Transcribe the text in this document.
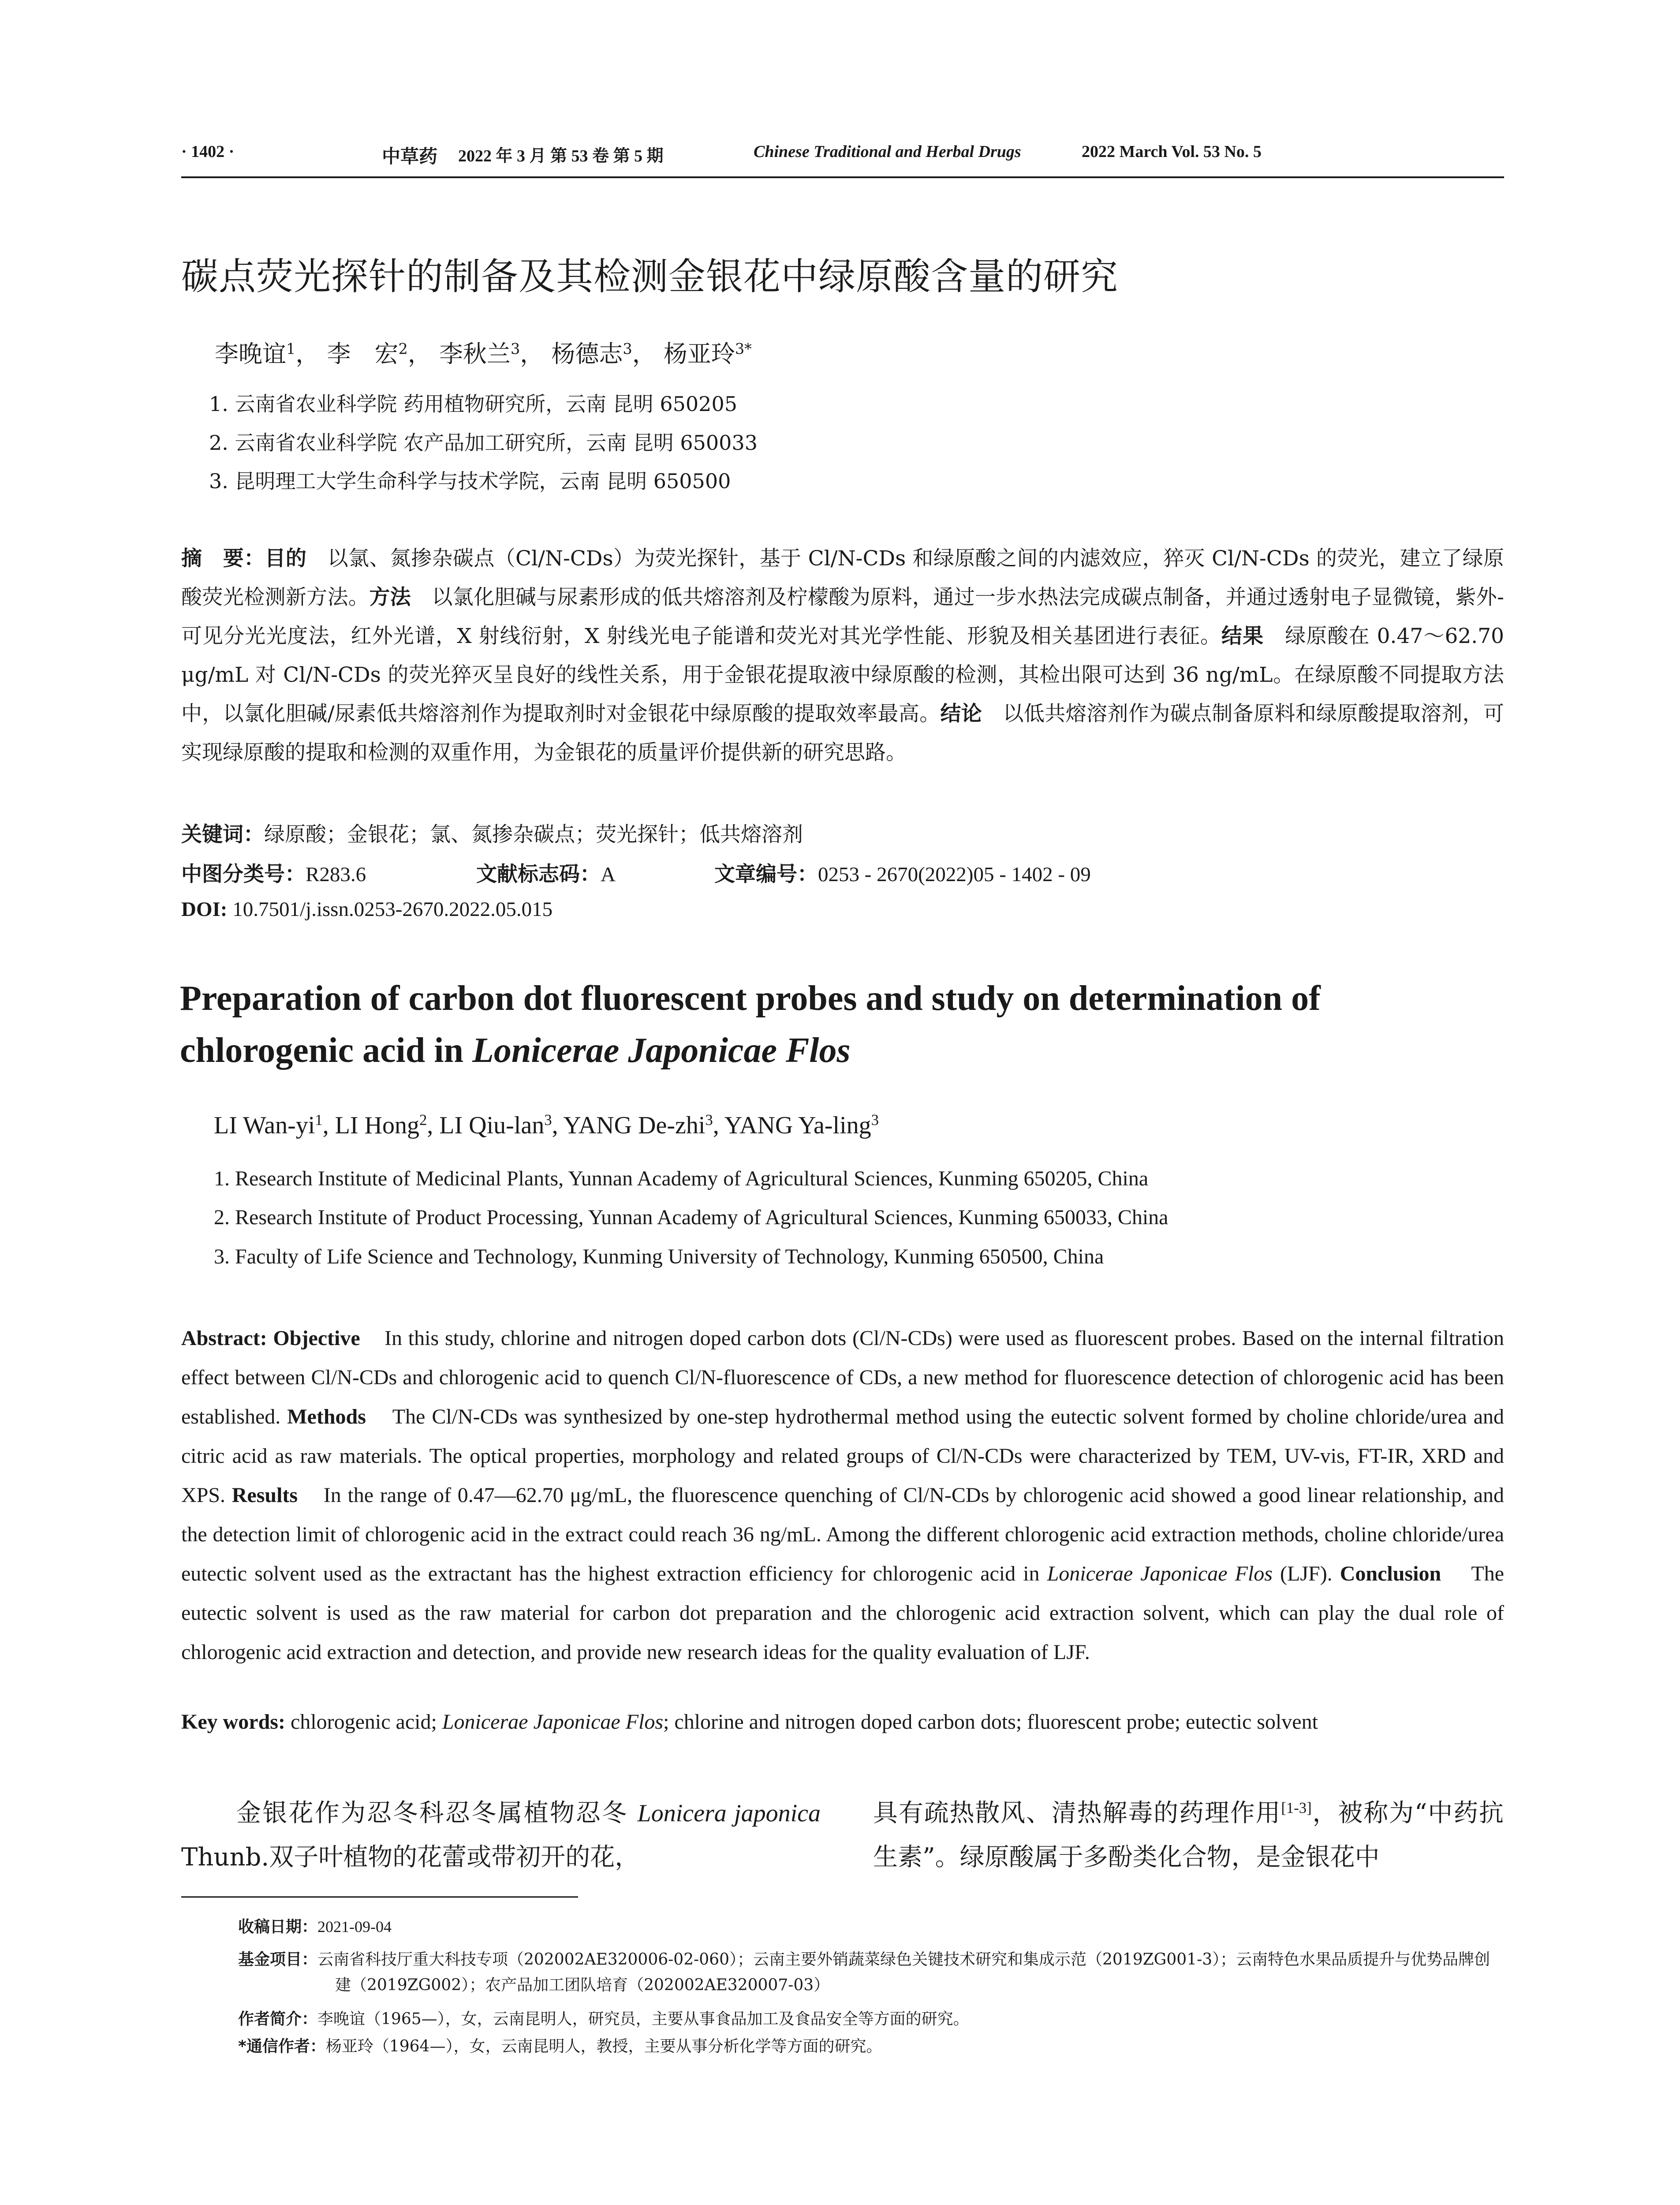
· 1402 ·	中草药 2022 年 3 月 第 53 卷 第 5 期	Chinese Traditional and Herbal Drugs	2022 March Vol. 53 No. 5
碳点荧光探针的制备及其检测金银花中绿原酸含量的研究
李晚谊$^1$， 李　宏$^2$， 李秋兰$^3$， 杨德志$^3$， 杨亚玲$^{3*}$
1. 云南省农业科学院 药用植物研究所，云南 昆明 650205
2. 云南省农业科学院 农产品加工研究所，云南 昆明 650033
3. 昆明理工大学生命科学与技术学院，云南 昆明 650500
摘　要：目的　以氯、氮掺杂碳点（Cl/N-CDs）为荧光探针，基于 Cl/N-CDs 和绿原酸之间的内滤效应，猝灭 Cl/N-CDs 的荧光，建立了绿原酸荧光检测新方法。方法　以氯化胆碱与尿素形成的低共熔溶剂及柠檬酸为原料，通过一步水热法完成碳点制备，并通过透射电子显微镜，紫外-可见分光光度法，红外光谱，X 射线衍射，X 射线光电子能谱和荧光对其光学性能、形貌及相关基团进行表征。结果　绿原酸在 0.47～62.70 μg/mL 对 Cl/N-CDs 的荧光猝灭呈良好的线性关系，用于金银花提取液中绿原酸的检测，其检出限可达到 36 ng/mL。在绿原酸不同提取方法中，以氯化胆碱/尿素低共熔溶剂作为提取剂时对金银花中绿原酸的提取效率最高。结论　以低共熔溶剂作为碳点制备原料和绿原酸提取溶剂，可实现绿原酸的提取和检测的双重作用，为金银花的质量评价提供新的研究思路。
关键词：绿原酸；金银花；氯、氮掺杂碳点；荧光探针；低共熔溶剂
中图分类号：R283.6	文献标志码：A	文章编号：0253 - 2670(2022)05 - 1402 - 09
DOI: 10.7501/j.issn.0253-2670.2022.05.015
Preparation of carbon dot fluorescent probes and study on determination of chlorogenic acid in Lonicerae Japonicae Flos
LI Wan-$yi^1$, LI Hong$^2$, LI Qiu-lan$^3$, YANG De-zhi$^3$, YANG Ya-ling$^3$
1. Research Institute of Medicinal Plants, Yunnan Academy of Agricultural Sciences, Kunming 650205, China
2. Research Institute of Product Processing, Yunnan Academy of Agricultural Sciences, Kunming 650033, China
3. Faculty of Life Science and Technology, Kunming University of Technology, Kunming 650500, China
Abstract: Objective    In this study, chlorine and nitrogen doped carbon dots (Cl/N-CDs) were used as fluorescent probes. Based on the internal filtration effect between Cl/N-CDs and chlorogenic acid to quench Cl/N-fluorescence of CDs, a new method for fluorescence detection of chlorogenic acid has been established. Methods    The Cl/N-CDs was synthesized by one-step hydrothermal method using the eutectic solvent formed by choline chloride/urea and citric acid as raw materials. The optical properties, morphology and related groups of Cl/N-CDs were characterized by TEM, UV-vis, FT-IR, XRD and XPS. Results    In the range of 0.47—62.70 μg/mL, the fluorescence quenching of Cl/N-CDs by chlorogenic acid showed a good linear relationship, and the detection limit of chlorogenic acid in the extract could reach 36 ng/mL. Among the different chlorogenic acid extraction methods, choline chloride/urea eutectic solvent used as the extractant has the highest extraction efficiency for chlorogenic acid in Lonicerae Japonicae Flos (LJF). Conclusion    The eutectic solvent is used as the raw material for carbon dot preparation and the chlorogenic acid extraction solvent, which can play the dual role of chlorogenic acid extraction and detection, and provide new research ideas for the quality evaluation of LJF.
Key words: chlorogenic acid; Lonicerae Japonicae Flos; chlorine and nitrogen doped carbon dots; fluorescent probe; eutectic solvent
金银花作为忍冬科忍冬属植物忍冬 Lonicera japonica Thunb.双子叶植物的花蕾或带初开的花，
具有疏热散风、清热解毒的药理作用[1-3]，被称为“中药抗生素”。绿原酸属于多酚类化合物，是金银花中
收稿日期：2021-09-04
基金项目：云南省科技厅重大科技专项（202002AE320006-02-060）；云南主要外销蔬菜绿色关键技术研究和集成示范（2019ZG001-3）；云南特色水果品质提升与优势品牌创建（2019ZG002）；农产品加工团队培育（202002AE320007-03）
作者简介：李晚谊（1965—），女，云南昆明人，研究员，主要从事食品加工及食品安全等方面的研究。
*通信作者：杨亚玲（1964—），女，云南昆明人，教授，主要从事分析化学等方面的研究。
